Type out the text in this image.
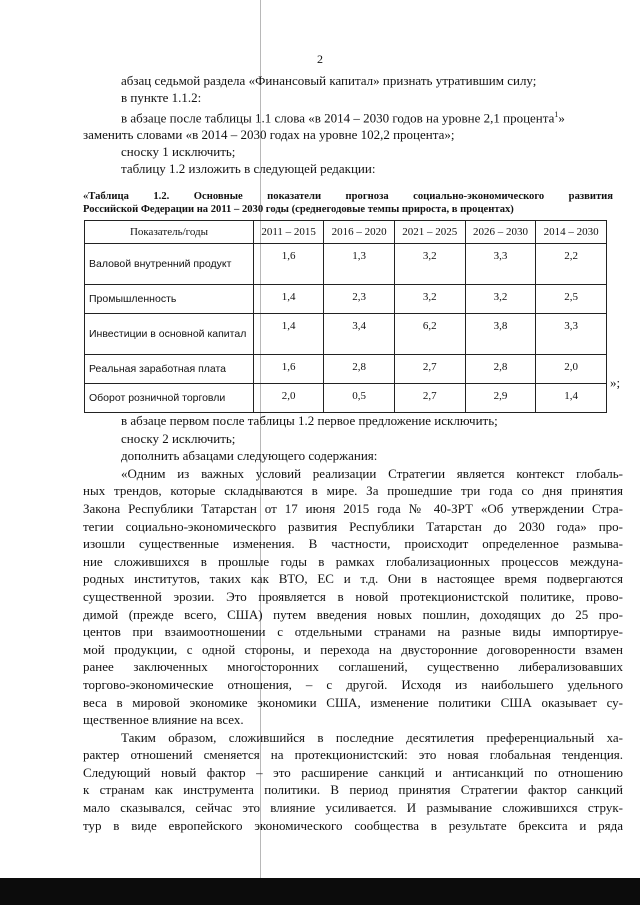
2

абзац седьмой раздела «Финансовый капитал» признать утратившим силу;

в пункте 1.1.2:

в абзаце после таблицы 1.1 слова «в 2014 – 2030 годов на уровне 2,1 процента$^1$»

заменить словами «в 2014 – 2030 годах на уровне 102,2 процента»;

сноску 1 исключить;

таблицу 1.2 изложить в следующей редакции:

«Таблица 1.2. Основные показатели прогноза социально-экономического развития
Российской Федерации на 2011 – 2030 годы (среднегодовые темпы прироста, в процентах)
Показатель/годы	2011 – 2015	2016 – 2020	2021 – 2025	2026 – 2030	2014 – 2030
Валовой внутренний продукт	1,6	1,3	3,2	3,3	2,2
Промышленность	1,4	2,3	3,2	3,2	2,5
Инвестиции в основной капитал	1,4	3,4	6,2	3,8	3,3
Реальная заработная плата	1,6	2,8	2,7	2,8	2,0
Оборот розничной торговли	2,0	0,5	2,7	2,9	1,4
»;

в абзаце первом после таблицы 1.2 первое предложение исключить;

сноску 2 исключить;

дополнить абзацами следующего содержания:

«Одним из важных условий реализации Стратегии является контекст глобаль-

ных трендов, которые складываются в мире. За прошедшие три года со дня принятия

Закона Республики Татарстан от 17 июня 2015 года № 40-ЗРТ «Об утверждении Стра-

тегии социально-экономического развития Республики Татарстан до 2030 года» про-

изошли существенные изменения. В частности, происходит определенное размыва-

ние сложившихся в прошлые годы в рамках глобализационных процессов междуна-

родных институтов, таких как ВТО, ЕС и т.д. Они в настоящее время подвергаются

существенной эрозии. Это проявляется в новой протекционистской политике, прово-

димой (прежде всего, США) путем введения новых пошлин, доходящих до 25 про-

центов при взаимоотношении с отдельными странами на разные виды импортируе-

мой продукции, с одной стороны, и перехода на двусторонние договоренности взамен

ранее заключенных многосторонних соглашений, существенно либерализовавших

торгово-экономические отношения, – с другой. Исходя из наибольшего удельного

веса в мировой экономике экономики США, изменение политики США оказывает су-

щественное влияние на всех.

Таким образом, сложившийся в последние десятилетия преференциальный ха-

рактер отношений сменяется на протекционистский: это новая глобальная тенденция.

Следующий новый фактор – это расширение санкций и антисанкций по отношению

к странам как инструмента политики. В период принятия Стратегии фактор санкций

мало сказывался, сейчас это влияние усиливается. И размывание сложившихся струк-

тур в виде европейского экономического сообщества в результате брексита и ряда
